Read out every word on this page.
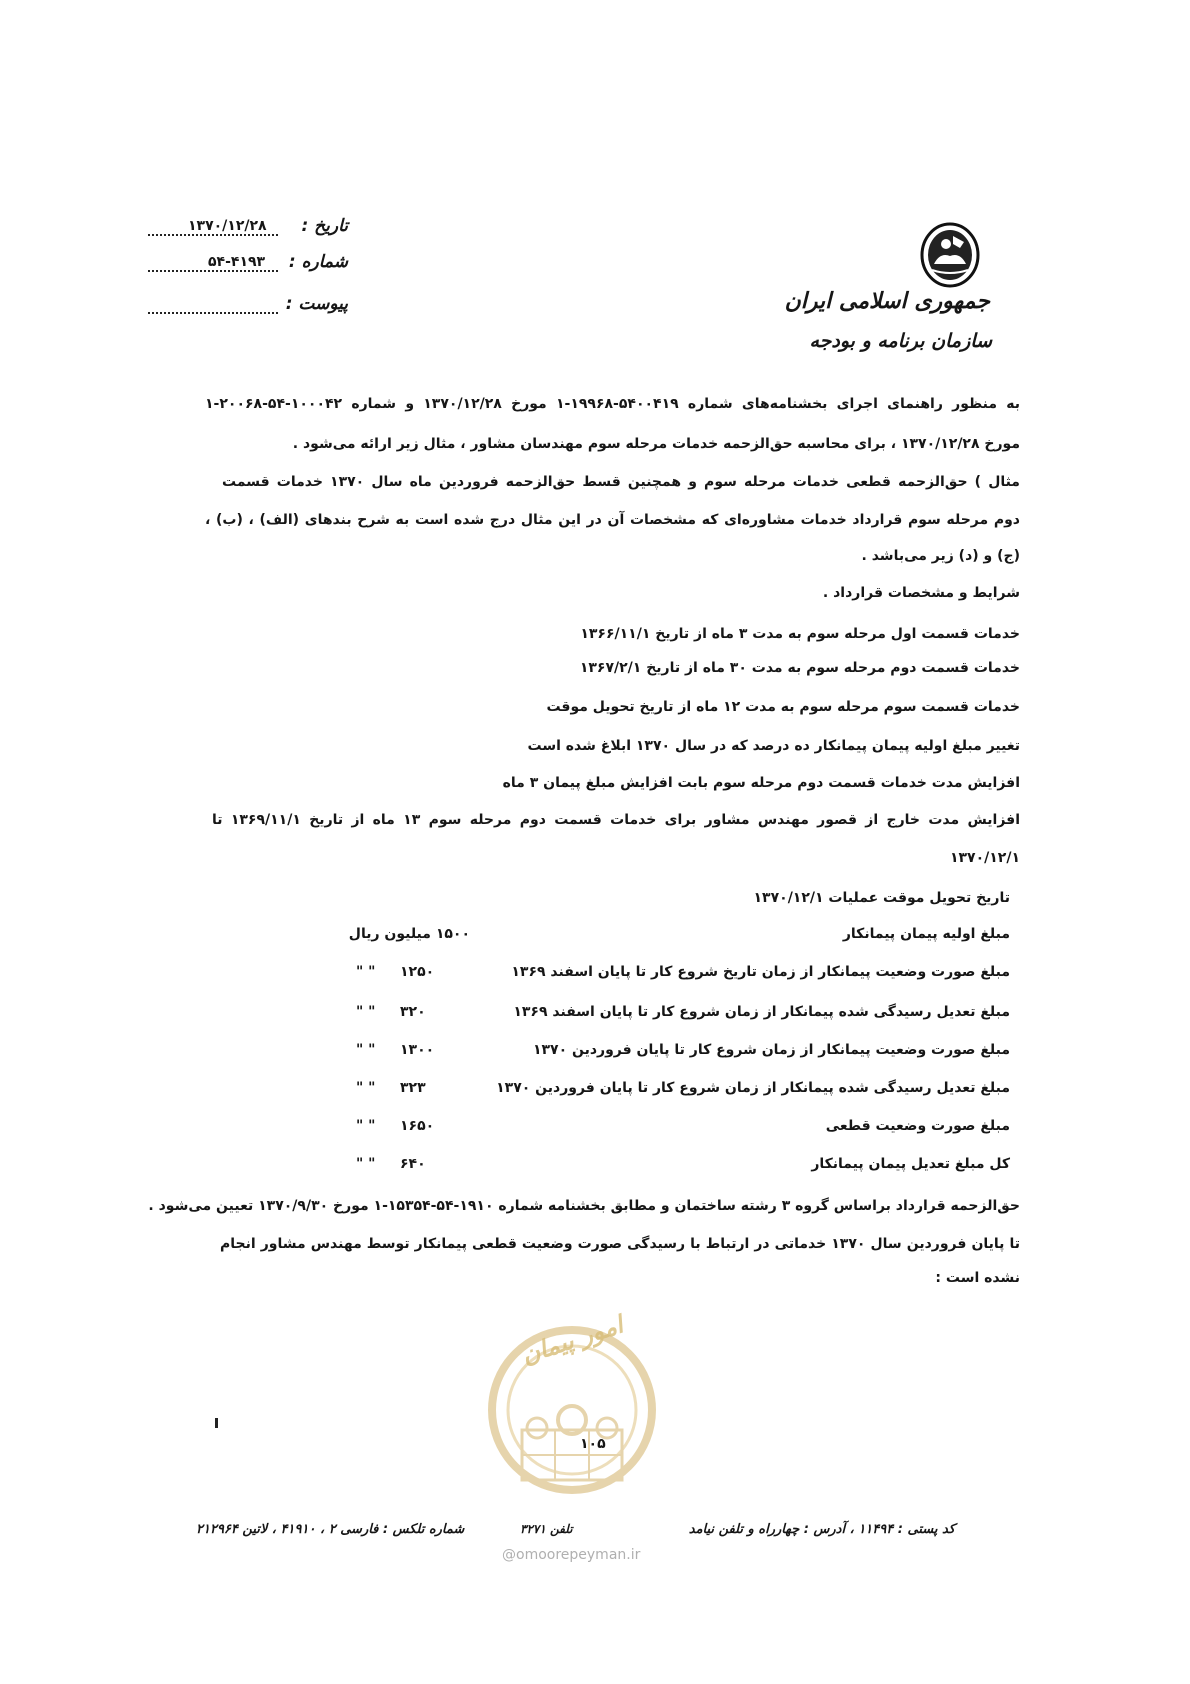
۱۳۷۰/۱۲/۲۸ تاریخ :
۵۴-۴۱۹۳ شماره :
پیوست :	جمهوری اسلامی ایران
سازمان برنامه و بودجه
به منظور راهنمای اجرای بخشنامه‌های شماره ۵۴۰۰۴۱۹-۱۹۹۶۸-۱ مورخ ۱۳۷۰/۱۲/۲۸ و شماره ۱۰۰۰۴۲-۵۴-۲۰۰۶۸-۱
مورخ ۱۳۷۰/۱۲/۲۸ ، برای محاسبه حق‌الزحمه خدمات مرحله سوم مهندسان مشاور ، مثال زیر ارائه می‌شود .
مثال ) حق‌الزحمه قطعی خدمات مرحله سوم و همچنین قسط حق‌الزحمه فروردین ماه سال ۱۳۷۰ خدمات قسمت
دوم مرحله سوم قرارداد خدمات مشاوره‌ای که مشخصات آن در این مثال درج شده است به شرح بندهای (الف) ، (ب) ،
(ج) و (د) زیر می‌باشد .
شرایط و مشخصات قرارداد .
خدمات قسمت اول مرحله سوم به مدت ۳ ماه از تاریخ ۱۳۶۶/۱۱/۱
خدمات قسمت دوم مرحله سوم به مدت ۳۰ ماه از تاریخ ۱۳۶۷/۲/۱
خدمات قسمت سوم مرحله سوم به مدت ۱۲ ماه از تاریخ تحویل موقت
تغییر مبلغ اولیه پیمان پیمانکار ده درصد که در سال ۱۳۷۰ ابلاغ شده است
افزایش مدت خدمات قسمت دوم مرحله سوم بابت افزایش مبلغ پیمان ۳ ماه
افزایش مدت خارج از قصور مهندس مشاور برای خدمات قسمت دوم مرحله سوم ۱۳ ماه از تاریخ ۱۳۶۹/۱۱/۱ تا
۱۳۷۰/۱۲/۱
تاریخ تحویل موقت عملیات ۱۳۷۰/۱۲/۱
مبلغ اولیه پیمان پیمانکار
۱۵۰۰ میلیون ریال
مبلغ صورت وضعیت پیمانکار از زمان تاریخ شروع کار تا پایان اسفند ۱۳۶۹
۱۲۵۰
" "
مبلغ تعدیل رسیدگی شده پیمانکار از زمان شروع کار تا پایان اسفند ۱۳۶۹
۳۲۰
" "
مبلغ صورت وضعیت پیمانکار از زمان شروع کار تا پایان فروردین ۱۳۷۰
۱۳۰۰
" "
مبلغ تعدیل رسیدگی شده پیمانکار از زمان شروع کار تا پایان فروردین ۱۳۷۰
۳۲۳
" "
مبلغ صورت وضعیت قطعی
۱۶۵۰
" "
کل مبلغ تعدیل پیمان پیمانکار
۶۴۰
" "
امور پیمان
حق‌الزحمه قرارداد براساس گروه ۳ رشته ساختمان و مطابق بخشنامه شماره ۱۹۱۰-۵۴-۱۵۳۵۴-۱ مورخ ۱۳۷۰/۹/۳۰ تعیین می‌شود .
تا پایان فروردین سال ۱۳۷۰ خدماتی در ارتباط با رسیدگی صورت وضعیت قطعی پیمانکار توسط مهندس مشاور انجام
نشده است :
۱۰۵
کد پستی : ۱۱۴۹۴ ، آدرس : چهارراه و تلفن نیامد
تلفن ۳۲۷۱
شماره تلکس : فارسی ۲ ، ۴۱۹۱۰ ، لاتین ۲۱۲۹۶۴
@omoorepeyman.ir
